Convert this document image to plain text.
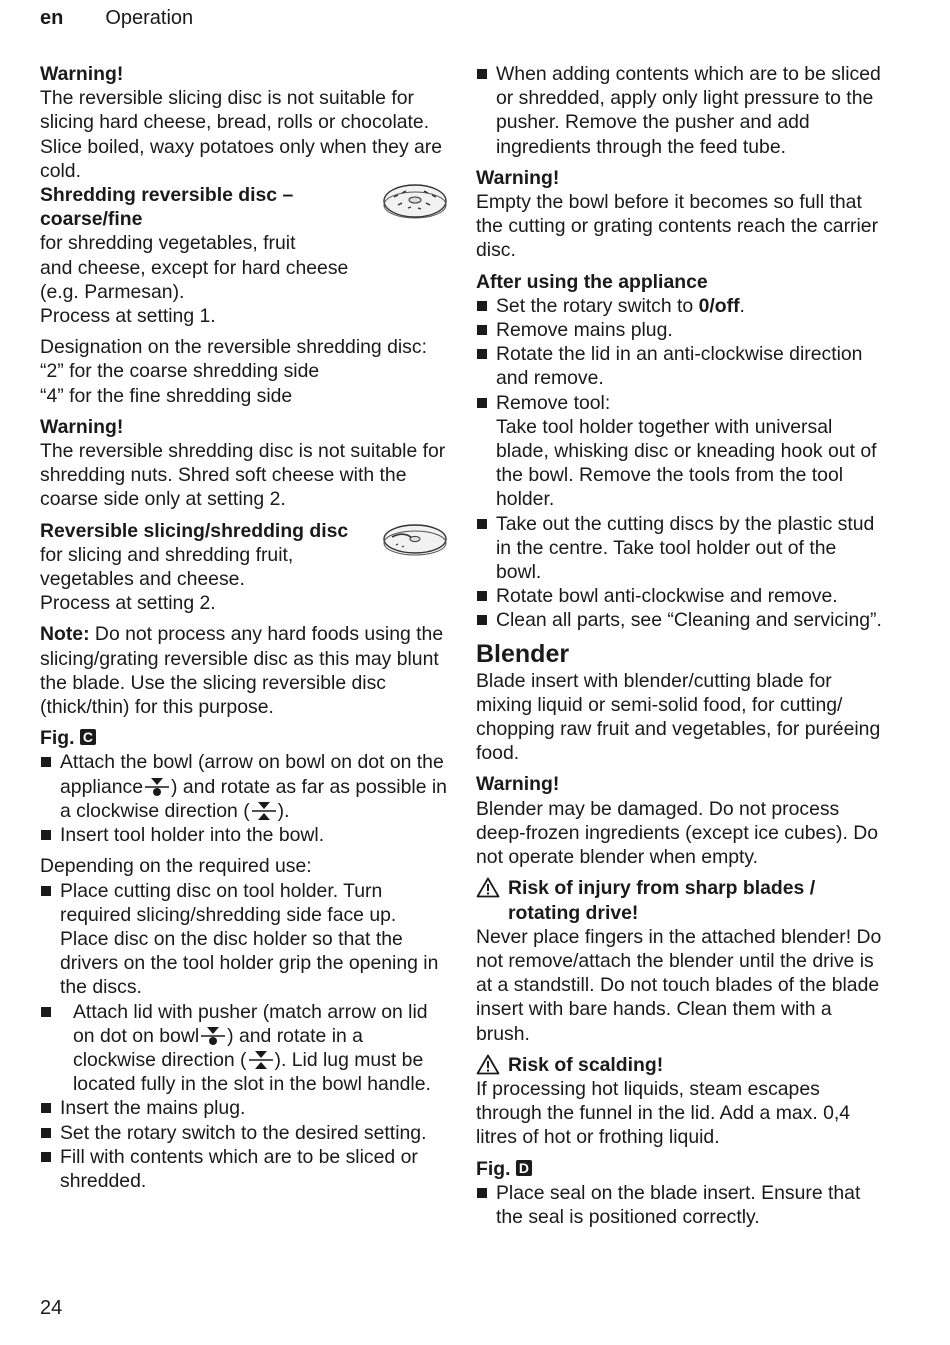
en Operation

Warning!

The reversible slicing disc is not suitable for slicing hard cheese, bread, rolls or chocolate. Slice boiled, waxy potatoes only when they are cold.

Shredding reversible disc –

coarse/fine

for shredding vegetables, fruit

and cheese, except for hard cheese

(e.g. Parmesan).

Process at setting 1.

Designation on the reversible shredding disc:

“2” for the coarse shredding side

“4” for the fine shredding side

Warning!

The reversible shredding disc is not suitable for shredding nuts. Shred soft cheese with the coarse side only at setting 2.

Reversible slicing/shredding disc

for slicing and shredding fruit,

vegetables and cheese.

Process at setting 2.

Note: Do not process any hard foods using the slicing/grating reversible disc as this may blunt the blade. Use the slicing reversible disc (thick/thin) for this purpose.

Fig. C

Attach the bowl (arrow on bowl on dot on the appliance ) and rotate as far as possible in a clockwise direction ( ).
Insert tool holder into the bowl.

Depending on the required use:

Place cutting disc on tool holder. Turn required slicing/shredding side face up. Place disc on the disc holder so that the drivers on the tool holder grip the opening in the discs.
Attach lid with pusher (match arrow on lid on dot on bowl ) and rotate in a clockwise direction ( ). Lid lug must be located fully in the slot in the bowl handle.
Insert the mains plug.
Set the rotary switch to the desired setting.
Fill with contents which are to be sliced or shredded.
When adding contents which are to be sliced or shredded, apply only light pressure to the pusher. Remove the pusher and add ingredients through the feed tube.

Warning!

Empty the bowl before it becomes so full that the cutting or grating contents reach the carrier disc.

After using the appliance

Set the rotary switch to 0/off.
Remove mains plug.
Rotate the lid in an anti-clockwise direction and remove.

Remove tool:

Take tool holder together with universal blade, whisking disc or kneading hook out of the bowl. Remove the tools from the tool holder.

Take out the cutting discs by the plastic stud in the centre. Take tool holder out of the bowl.
Rotate bowl anti-clockwise and remove.
Clean all parts, see “Cleaning and servicing”.

Blender

Blade insert with blender/cutting blade for mixing liquid or semi-solid food, for cutting/ chopping raw fruit and vegetables, for puréeing food.

Warning!

Blender may be damaged. Do not process deep-frozen ingredients (except ice cubes). Do not operate blender when empty.

Risk of injury from sharp blades /

rotating drive!

Never place fingers in the attached blender! Do not remove/attach the blender until the drive is at a standstill. Do not touch blades of the blade insert with bare hands. Clean them with a brush.

Risk of scalding!

If processing hot liquids, steam escapes through the funnel in the lid. Add a max. 0,4 litres of hot or frothing liquid.

Fig. D

Place seal on the blade insert. Ensure that the seal is positioned correctly.
24
